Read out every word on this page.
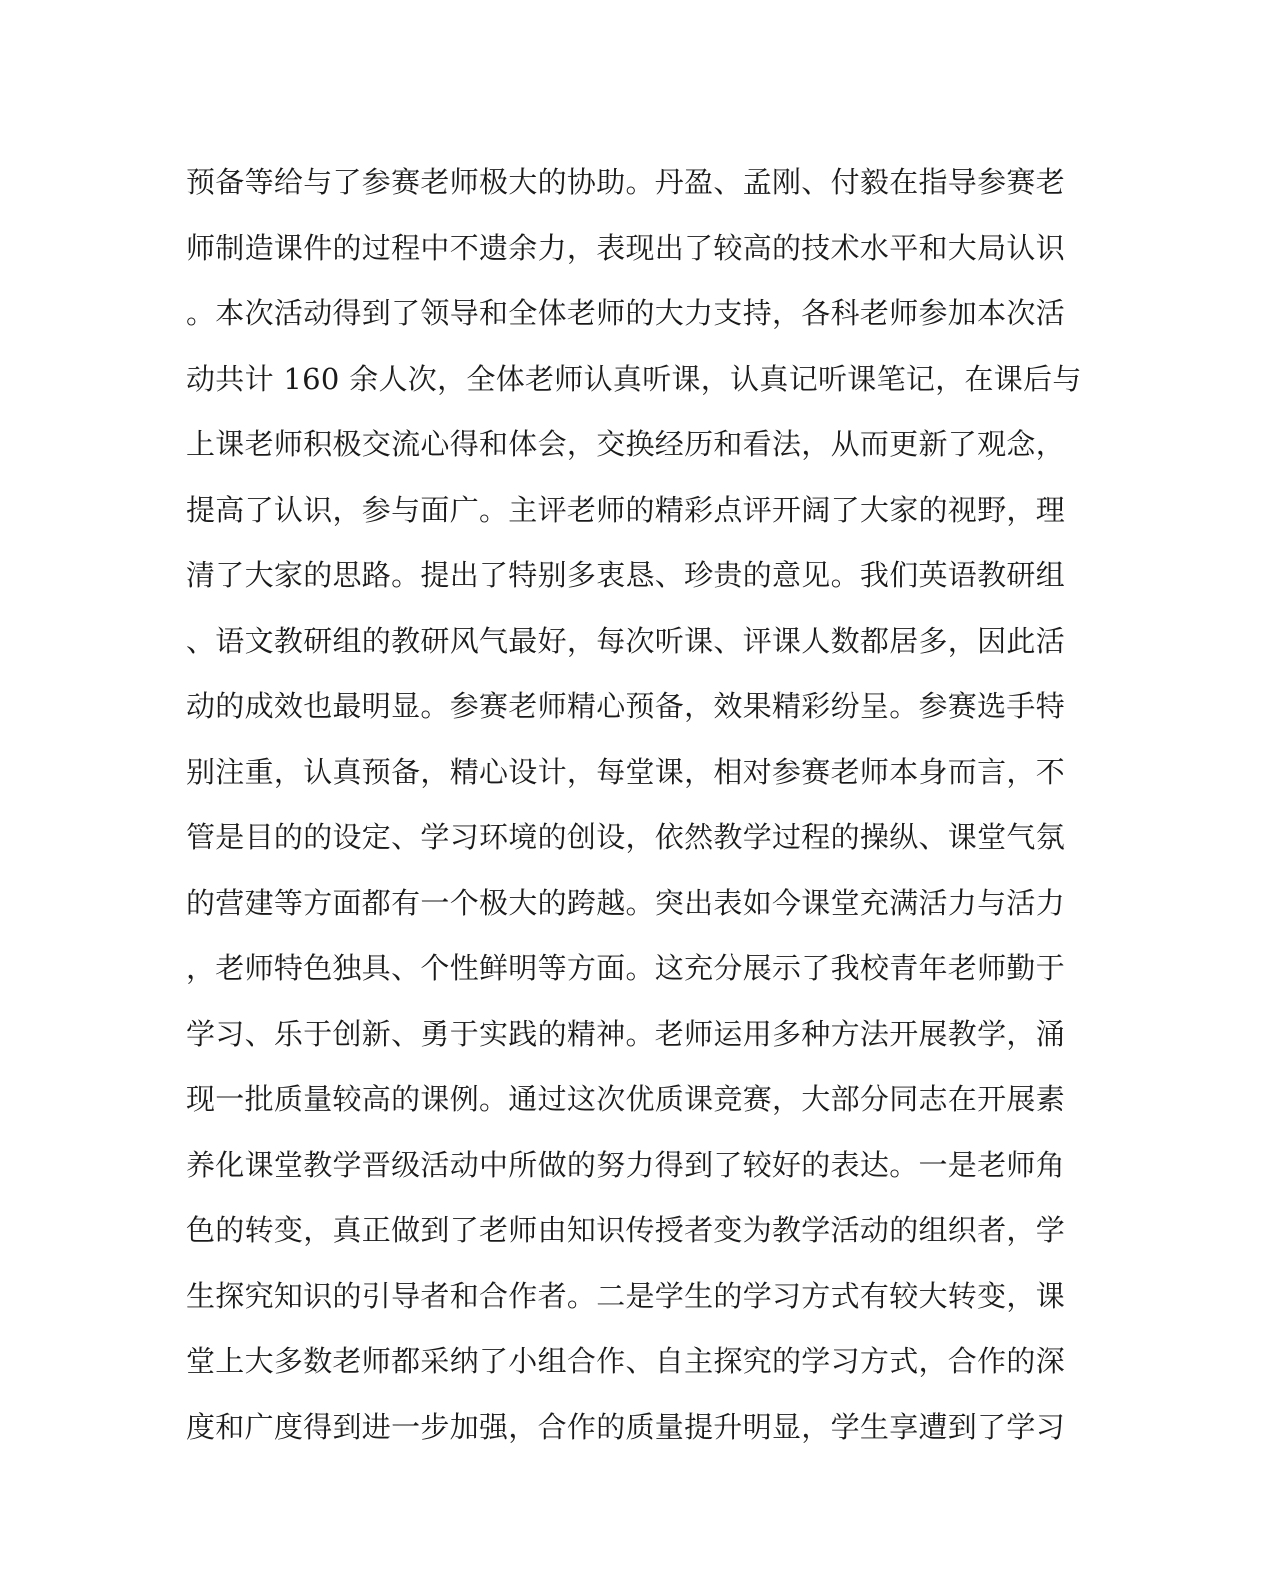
预备等给与了参赛老师极大的协助。丹盈、孟刚、付毅在指导参赛老
师制造课件的过程中不遗余力，表现出了较高的技术水平和大局认识
。本次活动得到了领导和全体老师的大力支持，各科老师参加本次活
动共计 160 余人次，全体老师认真听课，认真记听课笔记，在课后与
上课老师积极交流心得和体会，交换经历和看法，从而更新了观念，
提高了认识，参与面广。主评老师的精彩点评开阔了大家的视野，理
清了大家的思路。提出了特别多衷恳、珍贵的意见。我们英语教研组
、语文教研组的教研风气最好，每次听课、评课人数都居多，因此活
动的成效也最明显。参赛老师精心预备，效果精彩纷呈。参赛选手特
别注重，认真预备，精心设计，每堂课，相对参赛老师本身而言，不
管是目的的设定、学习环境的创设，依然教学过程的操纵、课堂气氛
的营建等方面都有一个极大的跨越。突出表如今课堂充满活力与活力
，老师特色独具、个性鲜明等方面。这充分展示了我校青年老师勤于
学习、乐于创新、勇于实践的精神。老师运用多种方法开展教学，涌
现一批质量较高的课例。通过这次优质课竞赛，大部分同志在开展素
养化课堂教学晋级活动中所做的努力得到了较好的表达。一是老师角
色的转变，真正做到了老师由知识传授者变为教学活动的组织者，学
生探究知识的引导者和合作者。二是学生的学习方式有较大转变，课
堂上大多数老师都采纳了小组合作、自主探究的学习方式，合作的深
度和广度得到进一步加强，合作的质量提升明显，学生享遭到了学习
